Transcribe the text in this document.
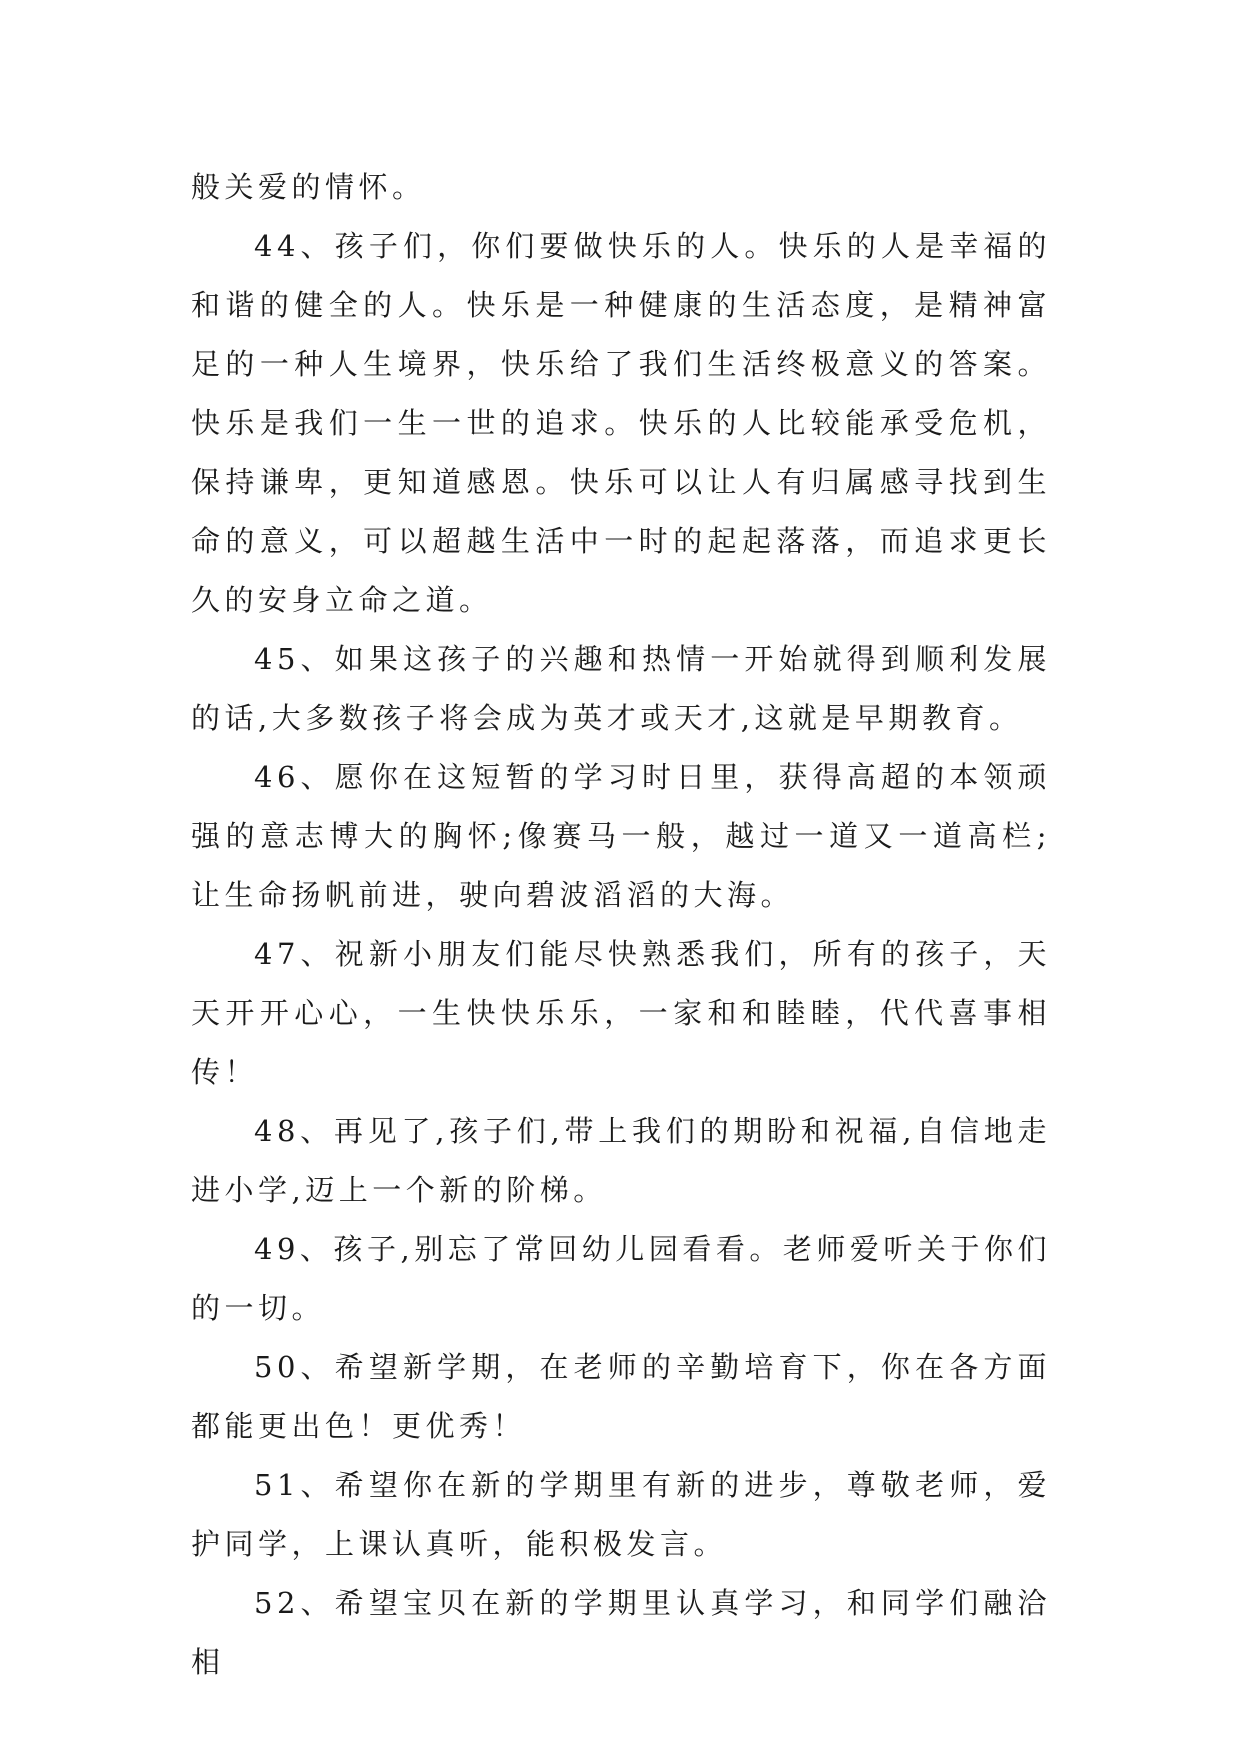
般关爱的情怀。

44、孩子们，你们要做快乐的人。快乐的人是幸福的和谐的健全的人。快乐是一种健康的生活态度，是精神富足的一种人生境界，快乐给了我们生活终极意义的答案。快乐是我们一生一世的追求。快乐的人比较能承受危机，保持谦卑，更知道感恩。快乐可以让人有归属感寻找到生命的意义，可以超越生活中一时的起起落落，而追求更长久的安身立命之道。

45、如果这孩子的兴趣和热情一开始就得到顺利发展的话,大多数孩子将会成为英才或天才,这就是早期教育。

46、愿你在这短暂的学习时日里，获得高超的本领顽强的意志博大的胸怀;像赛马一般，越过一道又一道高栏;让生命扬帆前进，驶向碧波滔滔的大海。

47、祝新小朋友们能尽快熟悉我们，所有的孩子，天天开开心心，一生快快乐乐，一家和和睦睦，代代喜事相传！

48、再见了,孩子们,带上我们的期盼和祝福,自信地走进小学,迈上一个新的阶梯。

49、孩子,别忘了常回幼儿园看看。老师爱听关于你们的一切。

50、希望新学期，在老师的辛勤培育下，你在各方面都能更出色！更优秀！

51、希望你在新的学期里有新的进步，尊敬老师，爱护同学，上课认真听，能积极发言。

52、希望宝贝在新的学期里认真学习，和同学们融洽相
